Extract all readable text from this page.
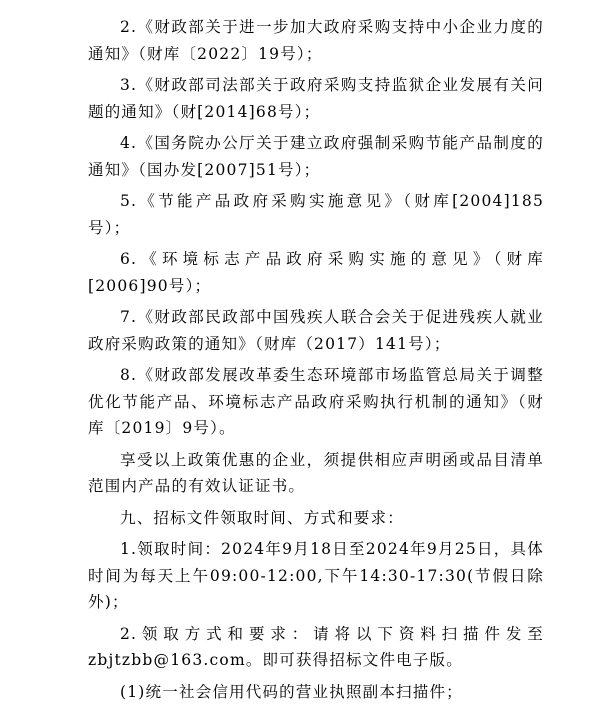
2.《财政部关于进一步加大政府采购支持中小企业力度的通知》（财库〔2022〕19号）；

3.《财政部司法部关于政府采购支持监狱企业发展有关问题的通知》（财[2014]68号）；

4.《国务院办公厅关于建立政府强制采购节能产品制度的通知》（国办发[2007]51号）；

5.《节能产品政府采购实施意见》（财库[2004]185号）；

6.《环境标志产品政府采购实施的意见》（财库[2006]90号）；

7.《财政部民政部中国残疾人联合会关于促进残疾人就业政府采购政策的通知》（财库（2017）141号）；

8.《财政部发展改革委生态环境部市场监管总局关于调整优化节能产品、环境标志产品政府采购执行机制的通知》（财库〔2019〕9号）。

享受以上政策优惠的企业，须提供相应声明函或品目清单范围内产品的有效认证证书。

九、招标文件领取时间、方式和要求：

1.领取时间：2024年9月18日至2024年9月25日，具体时间为每天上午09:00-12:00,下午14:30-17:30(节假日除外)；

2.领取方式和要求：请将以下资料扫描件发至zbjtzbb@163.com。即可获得招标文件电子版。

(1)统一社会信用代码的营业执照副本扫描件；
